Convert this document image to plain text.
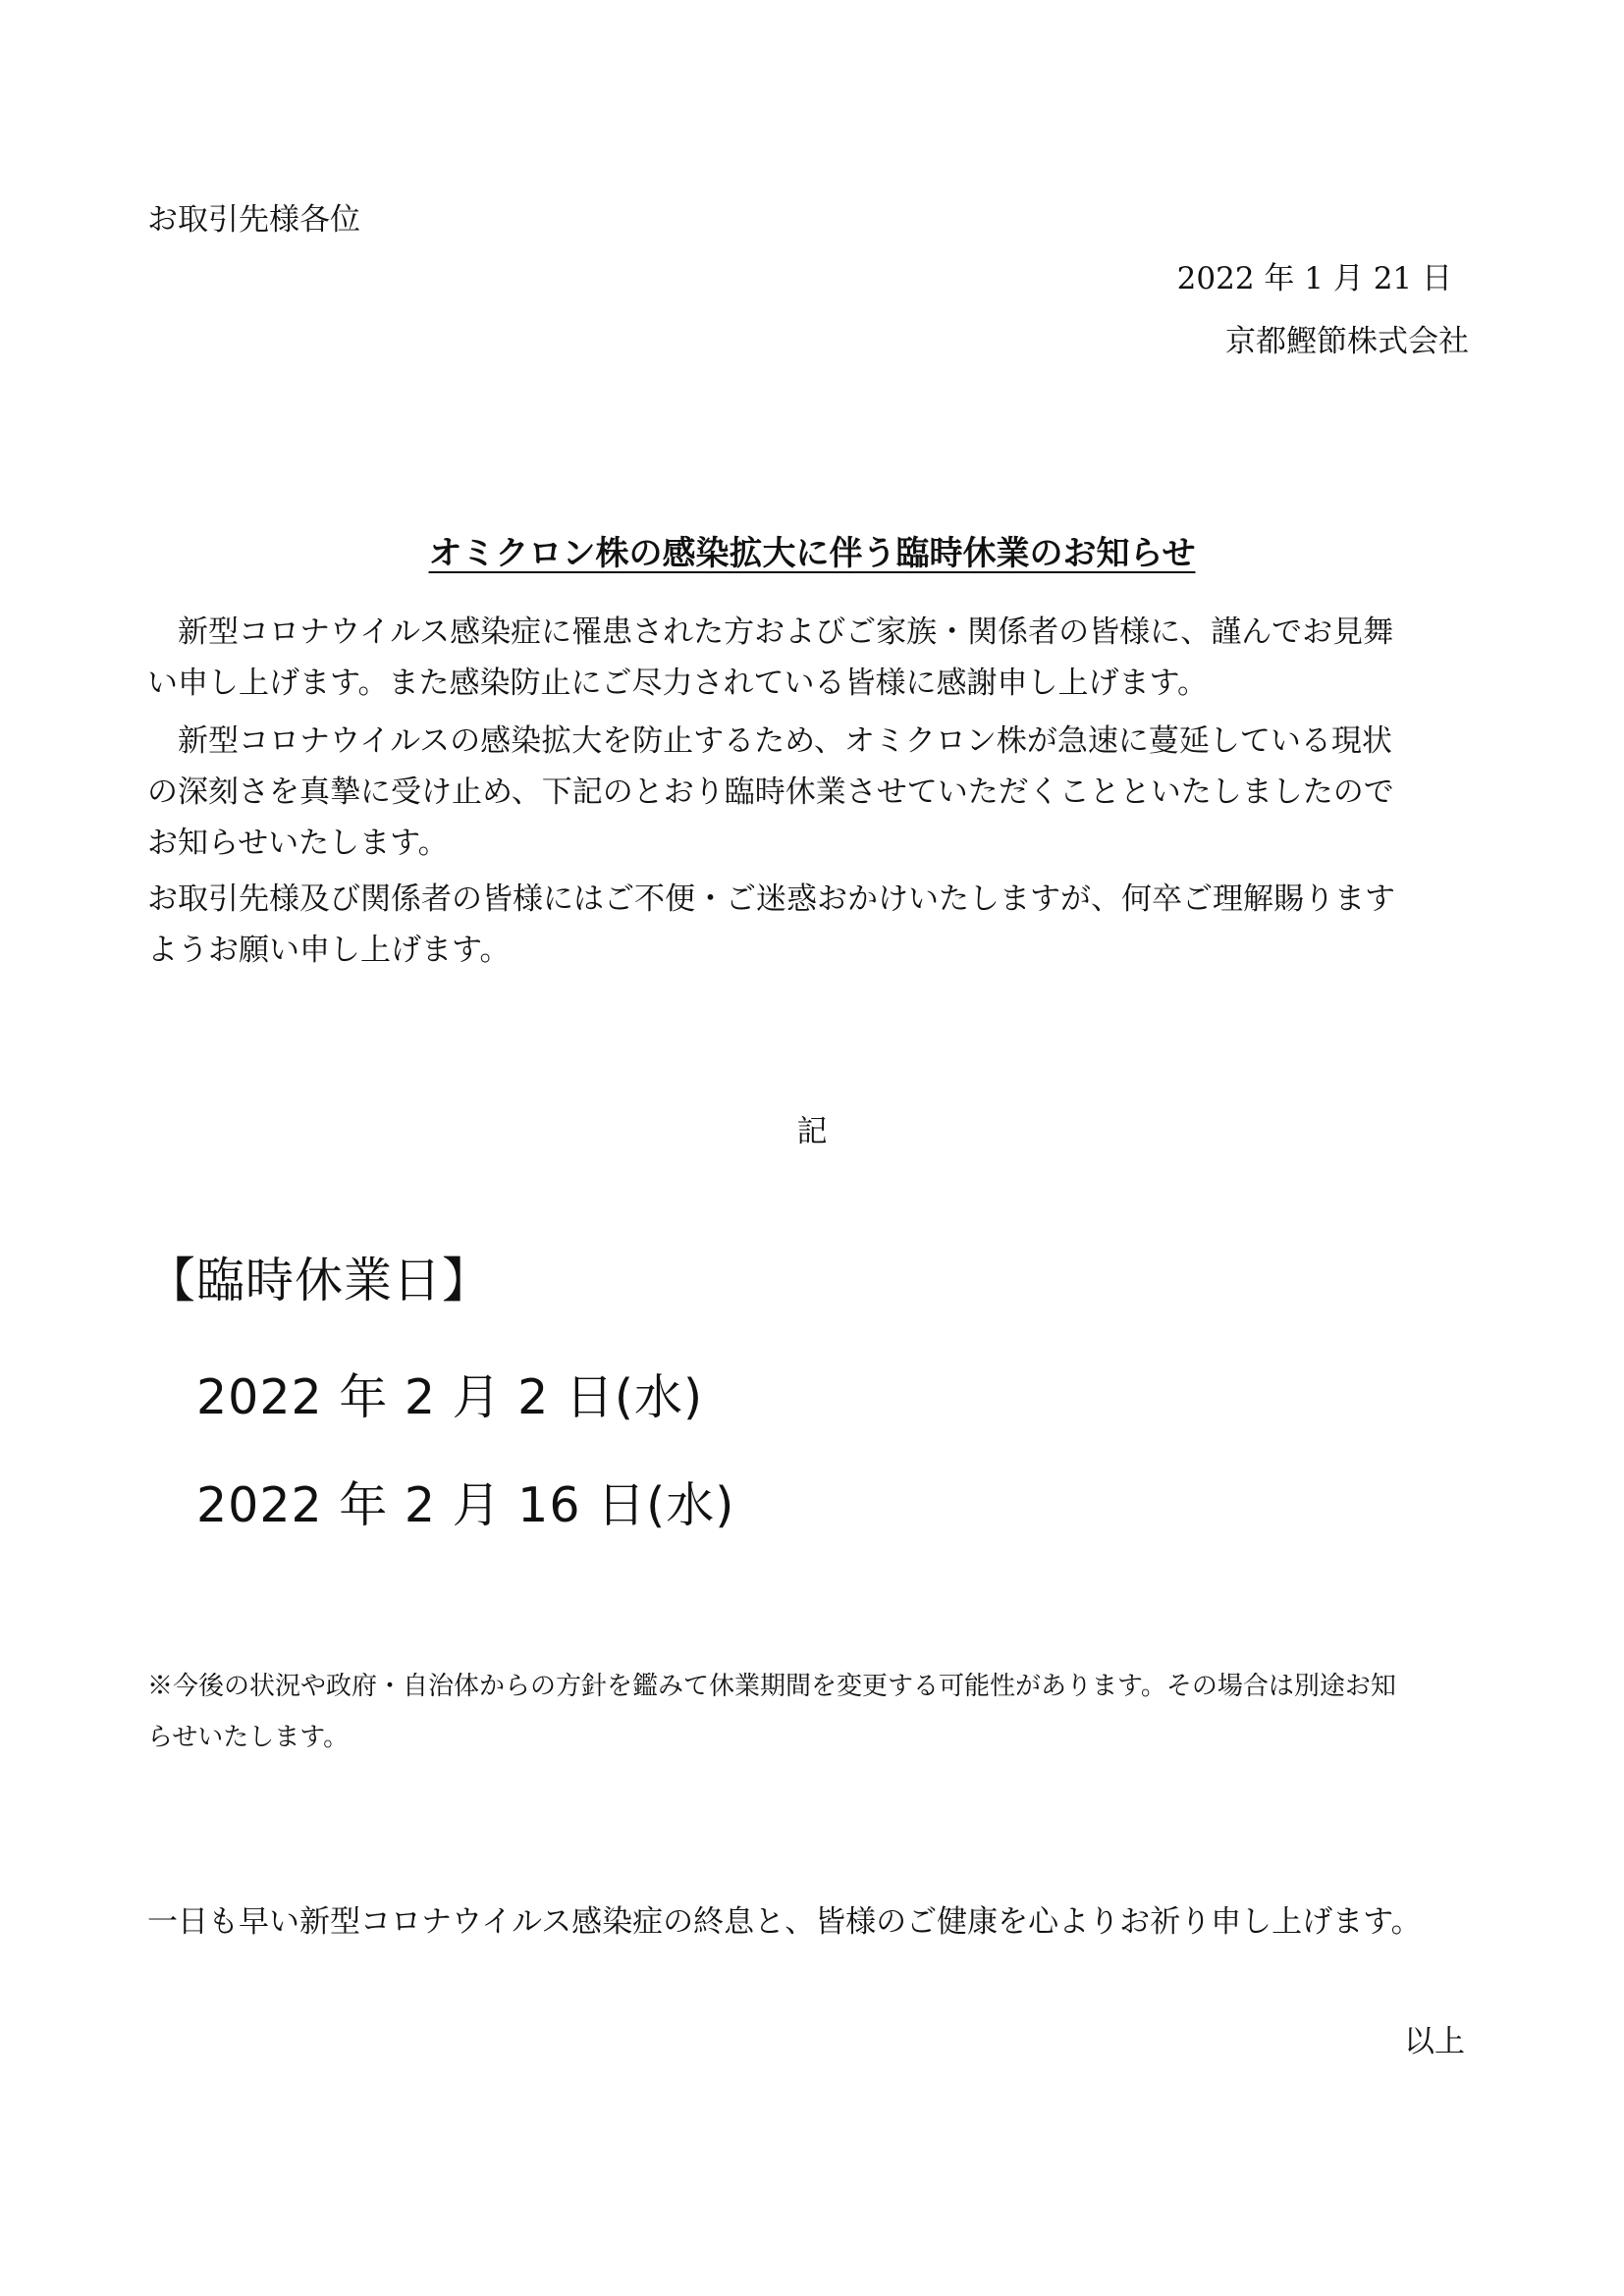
お取引先様各位

2022 年 1 月 21 日

京都鰹節株式会社

オミクロン株の感染拡大に伴う臨時休業のお知らせ
　新型コロナウイルス感染症に罹患された方およびご家族・関係者の皆様に、謹んでお見舞
い申し上げます。また感染防止にご尽力されている皆様に感謝申し上げます。
　新型コロナウイルスの感染拡大を防止するため、オミクロン株が急速に蔓延している現状
の深刻さを真摯に受け止め、下記のとおり臨時休業させていただくことといたしましたので
お知らせいたします。
お取引先様及び関係者の皆様にはご不便・ご迷惑おかけいたしますが、何卒ご理解賜ります
ようお願い申し上げます。

記

【臨時休業日】

2022 年 2 月 2 日(水)

2022 年 2 月 16 日(水)

※今後の状況や政府・自治体からの方針を鑑みて休業期間を変更する可能性があります。その場合は別途お知
らせいたします。

一日も早い新型コロナウイルス感染症の終息と、皆様のご健康を心よりお祈り申し上げます。

以上
